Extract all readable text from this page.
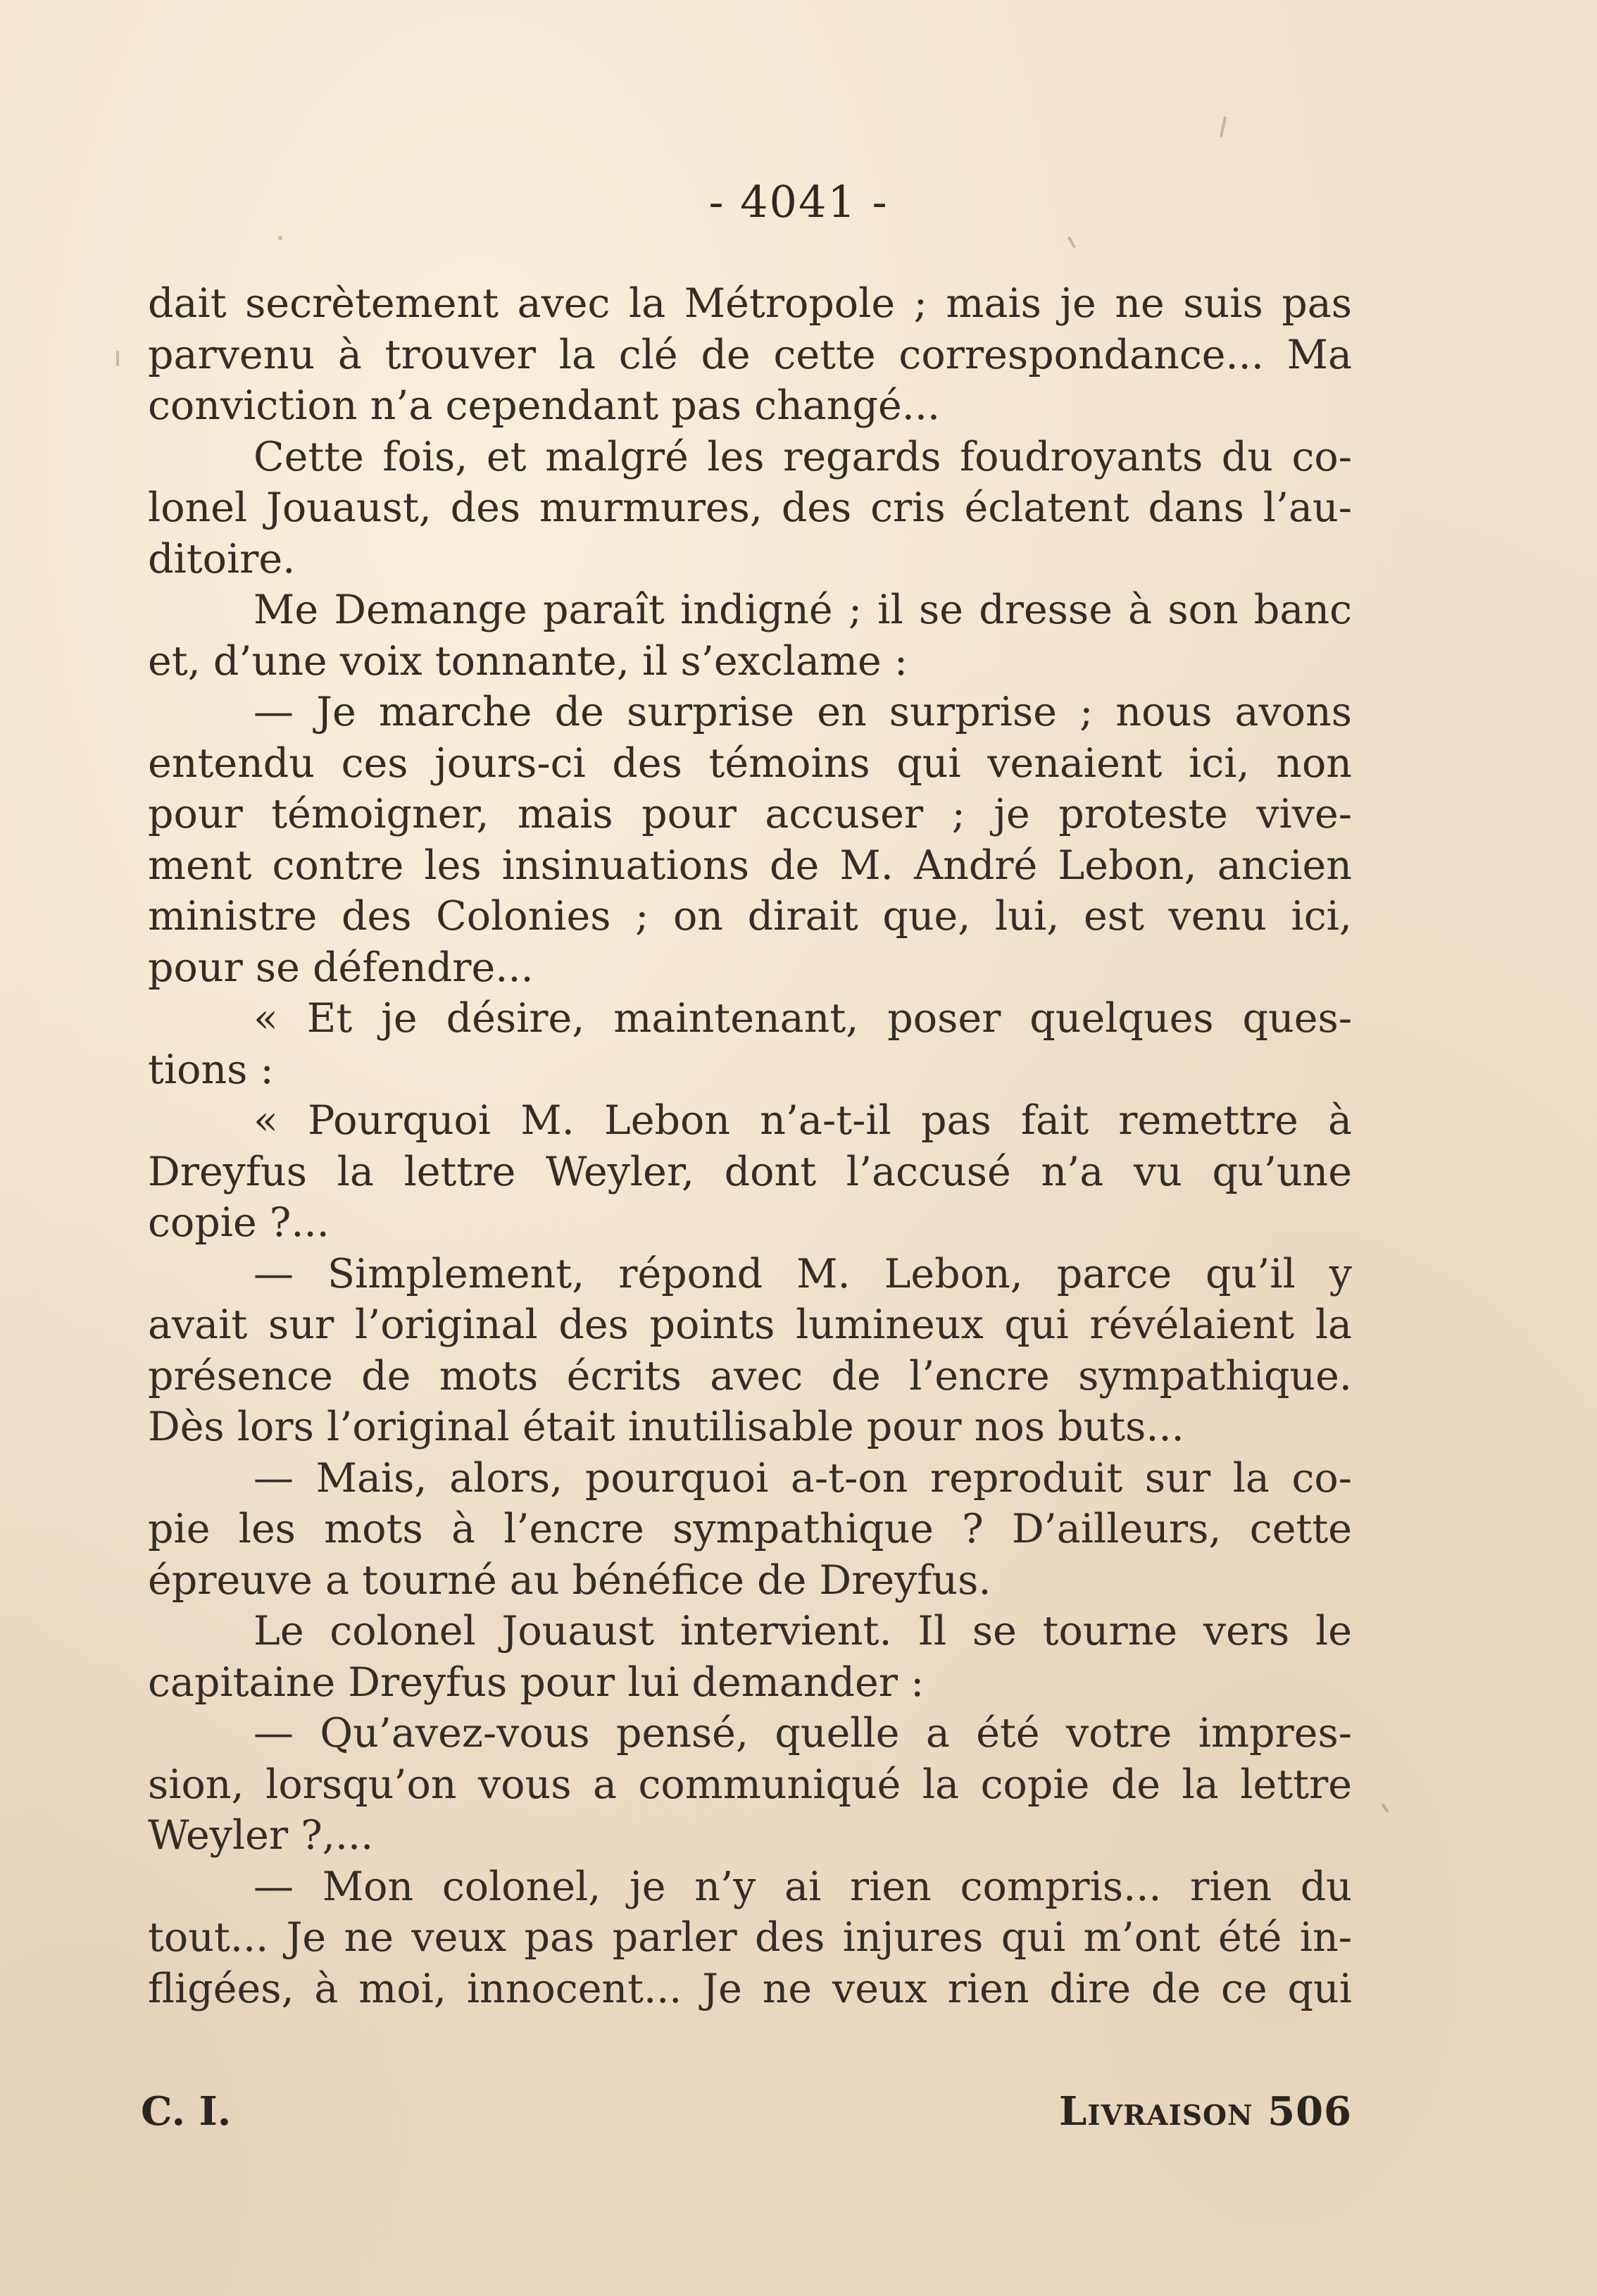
- 4041 -
dait secrètement avec la Métropole ; mais je ne suis pas
parvenu à trouver la clé de cette correspondance... Ma
conviction n’a cependant pas changé...
Cette fois, et malgré les regards foudroyants du co-
lonel Jouaust, des murmures, des cris éclatent dans l’au-
ditoire.
Me Demange paraît indigné ; il se dresse à son banc
et, d’une voix tonnante, il s’exclame :
— Je marche de surprise en surprise ; nous avons
entendu ces jours-ci des témoins qui venaient ici, non
pour témoigner, mais pour accuser ; je proteste vive-
ment contre les insinuations de M. André Lebon, ancien
ministre des Colonies ; on dirait que, lui, est venu ici,
pour se défendre...
« Et je désire, maintenant, poser quelques ques-
tions :
« Pourquoi M. Lebon n’a-t-il pas fait remettre à
Dreyfus la lettre Weyler, dont l’accusé n’a vu qu’une
copie ?...
— Simplement, répond M. Lebon, parce qu’il y
avait sur l’original des points lumineux qui révélaient la
présence de mots écrits avec de l’encre sympathique.
Dès lors l’original était inutilisable pour nos buts...
— Mais, alors, pourquoi a-t-on reproduit sur la co-
pie les mots à l’encre sympathique ? D’ailleurs, cette
épreuve a tourné au bénéfice de Dreyfus.
Le colonel Jouaust intervient. Il se tourne vers le
capitaine Dreyfus pour lui demander :
— Qu’avez-vous pensé, quelle a été votre impres-
sion, lorsqu’on vous a communiqué la copie de la lettre
Weyler ?,...
— Mon colonel, je n’y ai rien compris... rien du
tout... Je ne veux pas parler des injures qui m’ont été in-
fligées, à moi, innocent... Je ne veux rien dire de ce qui
C. I.	Livraison 506
